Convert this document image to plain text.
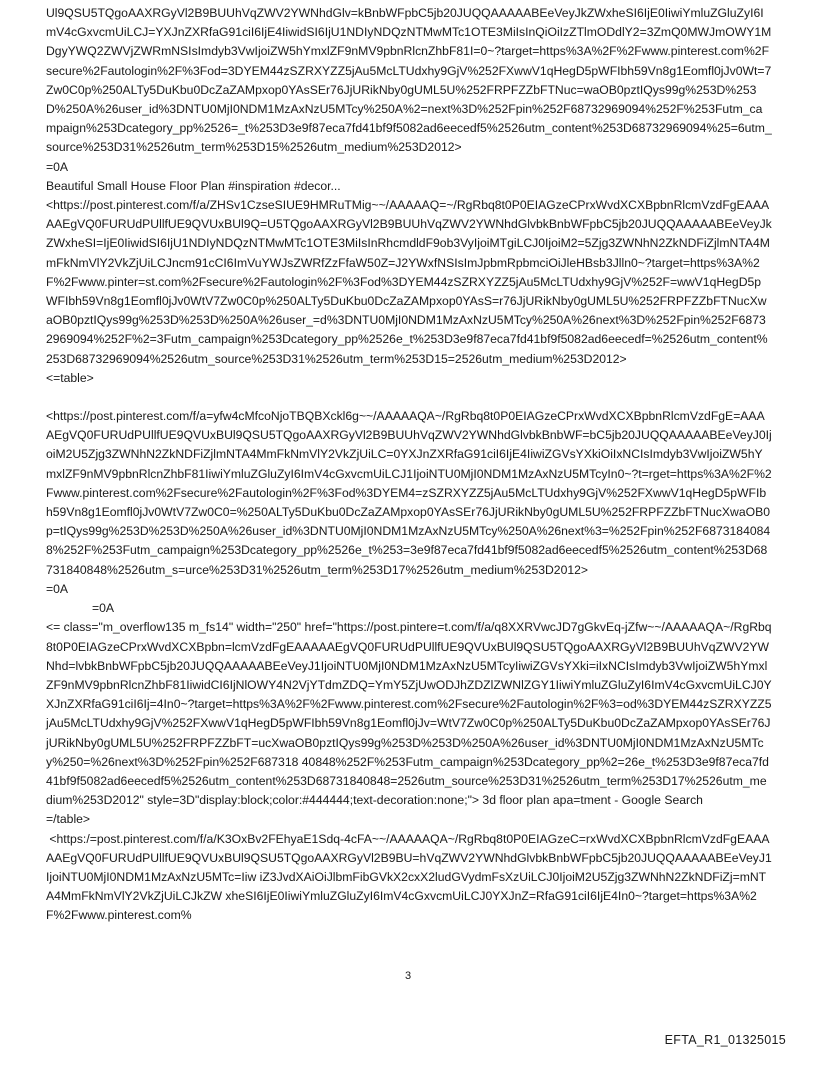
Ul9QSU5TQgoAAXRGyVl2B9BUUhVqZWV2YWNhdGlv=kBnbWFpbC5jb20JUQQAAAAABEeVeyJkZWxheSI6IjE0IiwiYmluZGluZyI6ImV4cGxvcmUiLCJ=YXJnZXRfaG91ciI6IjE4IiwidSI6IjU1NDIyNDQzNTMwMTc1OTE3MiIsInQiOiIzZTlmODdlY2=3ZmQ0MWJmOWY1MDgyYWQ2ZWVjZWRmNSIsImdyb3VwIjoiZW5hYmxlZF9nMV9pbnRlcnZhbF81I=0~?target=https%3A%2F%2Fwww.pinterest.com%2Fsecure%2Fautologin%2F%3Fod=3DYEM44zSZRXYZZ5jAu5McLTUdxhy9GjV%252FXwwV1qHegD5pWFIbh59Vn8g1Eomfl0jJv0Wt=7Zw0C0p%250ALTy5DuKbu0DcZaZAMpxop0YAsSEr76JjURikNby0gUML5U%252FRPFZZbFTNuc=waOB0pztIQys99g%253D%253D%250A%26user_id%3DNTU0MjI0NDM1MzAxNzU5MTcy%250A%2=next%3D%252Fpin%252F68732969094%252F%253Futm_campaign%253Dcategory_pp%2526=_t%253D3e9f87eca7fd41bf9f5082ad6eecedf5%2526utm_content%253D68732969094%25=6utm_source%253D31%2526utm_term%253D15%2526utm_medium%253D2012>

=0A

Beautiful Small House Floor Plan #inspiration #decor...

<https://post.pinterest.com/f/a/ZHSv1CzseSIUE9HMRuTMig~~/AAAAAQ=~/RgRbq8t0P0EIAGzeCPrxWvdXCXBpbnRlcmVzdFgEAAAAAEgVQ0FURUdPUllfUE9QVUxBUl9Q=U5TQgoAAXRGyVl2B9BUUhVqZWV2YWNhdGlvbkBnbWFpbC5jb20JUQQAAAAABEeVeyJkZWxheSI=IjE0IiwidSI6IjU1NDIyNDQzNTMwMTc1OTE3MiIsInRhcmdldF9ob3VyIjoiMTgiLCJ0IjoiM2=5Zjg3ZWNhN2ZkNDFiZjlmNTA4MmFkNmVlY2VkZjUiLCJncm91cCI6ImVuYWJsZWRfZzFfaW50Z=J2YWxfNSIsImJpbmRpbmciOiJleHBsb3Jlln0~?target=https%3A%2F%2Fwww.pinter=st.com%2Fsecure%2Fautologin%2F%3Fod%3DYEM44zSZRXYZZ5jAu5McLTUdxhy9GjV%252F=wwV1qHegD5pWFIbh59Vn8g1Eomfl0jJv0WtV7Zw0C0p%250ALTy5DuKbu0DcZaZAMpxop0YAsS=r76JjURikNby0gUML5U%252FRPFZZbFTNucXwaOB0pztIQys99g%253D%253D%250A%26user_=d%3DNTU0MjI0NDM1MzAxNzU5MTcy%250A%26next%3D%252Fpin%252F68732969094%252F%2=3Futm_campaign%253Dcategory_pp%2526e_t%253D3e9f87eca7fd41bf9f5082ad6eecedf=%2526utm_content%253D68732969094%2526utm_source%253D31%2526utm_term%253D15=2526utm_medium%253D2012>

<=table>

<https://post.pinterest.com/f/a=yfw4cMfcoNjoTBQBXckl6g~~/AAAAAQA~/RgRbq8t0P0EIAGzeCPrxWvdXCXBpbnRlcmVzdFgE=AAAAEgVQ0FURUdPUllfUE9QVUxBUl9QSU5TQgoAAXRGyVl2B9BUUhVqZWV2YWNhdGlvbkBnbWF=bC5jb20JUQQAAAAABEeVeyJ0IjoiM2U5Zjg3ZWNhN2ZkNDFiZjlmNTA4MmFkNmVlY2VkZjUiLC=0YXJnZXRfaG91ciI6IjE4IiwiZGVsYXkiOiIxNCIsImdyb3VwIjoiZW5hYmxlZF9nMV9pbnRlcnZhbF81IiwiYmluZGluZyI6ImV4cGxvcmUiLCJ1IjoiNTU0MjI0NDM1MzAxNzU5MTcyIn0~?t=rget=https%3A%2F%2Fwww.pinterest.com%2Fsecure%2Fautologin%2F%3Fod%3DYEM4=zSZRXYZZ5jAu5McLTUdxhy9GjV%252FXwwV1qHegD5pWFIbh59Vn8g1Eomfl0jJv0WtV7Zw0C0=%250ALTy5DuKbu0DcZaZAMpxop0YAsSEr76JjURikNby0gUML5U%252FRPFZZbFTNucXwaOB0p=tIQys99g%253D%253D%250A%26user_id%3DNTU0MjI0NDM1MzAxNzU5MTcy%250A%26next%3=%252Fpin%252F68731840848%252F%253Futm_campaign%253Dcategory_pp%2526e_t%253=3e9f87eca7fd41bf9f5082ad6eecedf5%2526utm_content%253D68731840848%2526utm_s=urce%253D31%2526utm_term%253D17%2526utm_medium%253D2012>

=0A

=0A

<= class="m_overflow135 m_fs14" width="250" href="https://post.pintere=t.com/f/a/q8XXRVwcJD7gGkvEq-jZfw~~/AAAAAQA~/RgRbq8t0P0EIAGzeCPrxWvdXCXBpbn=lcmVzdFgEAAAAAEgVQ0FURUdPUllfUE9QVUxBUl9QSU5TQgoAAXRGyVl2B9BUUhVqZWV2YWNhd=lvbkBnbWFpbC5jb20JUQQAAAAABEeVeyJ1IjoiNTU0MjI0NDM1MzAxNzU5MTcyIiwiZGVsYXki=iIxNCIsImdyb3VwIjoiZW5hYmxlZF9nMV9pbnRlcnZhbF81IiwidCI6IjNlOWY4N2VjYTdmZDQ=YmY5ZjUwODJhZDZlZWNlZGY1IiwiYmluZGluZyI6ImV4cGxvcmUiLCJ0YXJnZXRfaG91ciI6Ij=4In0~?target=https%3A%2F%2Fwww.pinterest.com%2Fsecure%2Fautologin%2F%3=od%3DYEM44zSZRXYZZ5jAu5McLTUdxhy9GjV%252FXwwV1qHegD5pWFIbh59Vn8g1Eomfl0jJv=WtV7Zw0C0p%250ALTy5DuKbu0DcZaZAMpxop0YAsSEr76JjURikNby0gUML5U%252FRPFZZbFT=ucXwaOB0pztIQys99g%253D%253D%250A%26user_id%3DNTU0MjI0NDM1MzAxNzU5MTcy%250=%26next%3D%252Fpin%252F687318 40848%252F%253Futm_campaign%253Dcategory_pp%2=26e_t%253D3e9f87eca7fd41bf9f5082ad6eecedf5%2526utm_content%253D68731840848=2526utm_source%253D31%2526utm_term%253D17%2526utm_medium%253D2012" style=3D"display:block;color:#444444;text-decoration:none;"> 3d floor plan apa=tment - Google Search

=/table>

<https:/=post.pinterest.com/f/a/K3OxBv2FEhyaE1Sdq-4cFA~~/AAAAAQA~/RgRbq8t0P0EIAGzeC=rxWvdXCXBpbnRlcmVzdFgEAAAAAEgVQ0FURUdPUllfUE9QVUxBUl9QSU5TQgoAAXRGyVl2B9BU=hVqZWV2YWNhdGlvbkBnbWFpbC5jb20JUQQAAAAABEeVeyJ1IjoiNTU0MjI0NDM1MzAxNzU5MTc=Iiw iZ3JvdXAiOiJlbmFibGVkX2cxX2ludGVydmFsXzUiLCJ0IjoiM2U5Zjg3ZWNhN2ZkNDFiZj=mNTA4MmFkNmVlY2VkZjUiLCJkZW xheSI6IjE0IiwiYmluZGluZyI6ImV4cGxvcmUiLCJ0YXJnZ=RfaG91ciI6IjE4In0~?target=https%3A%2F%2Fwww.pinterest.com%

3
EFTA_R1_01325015
